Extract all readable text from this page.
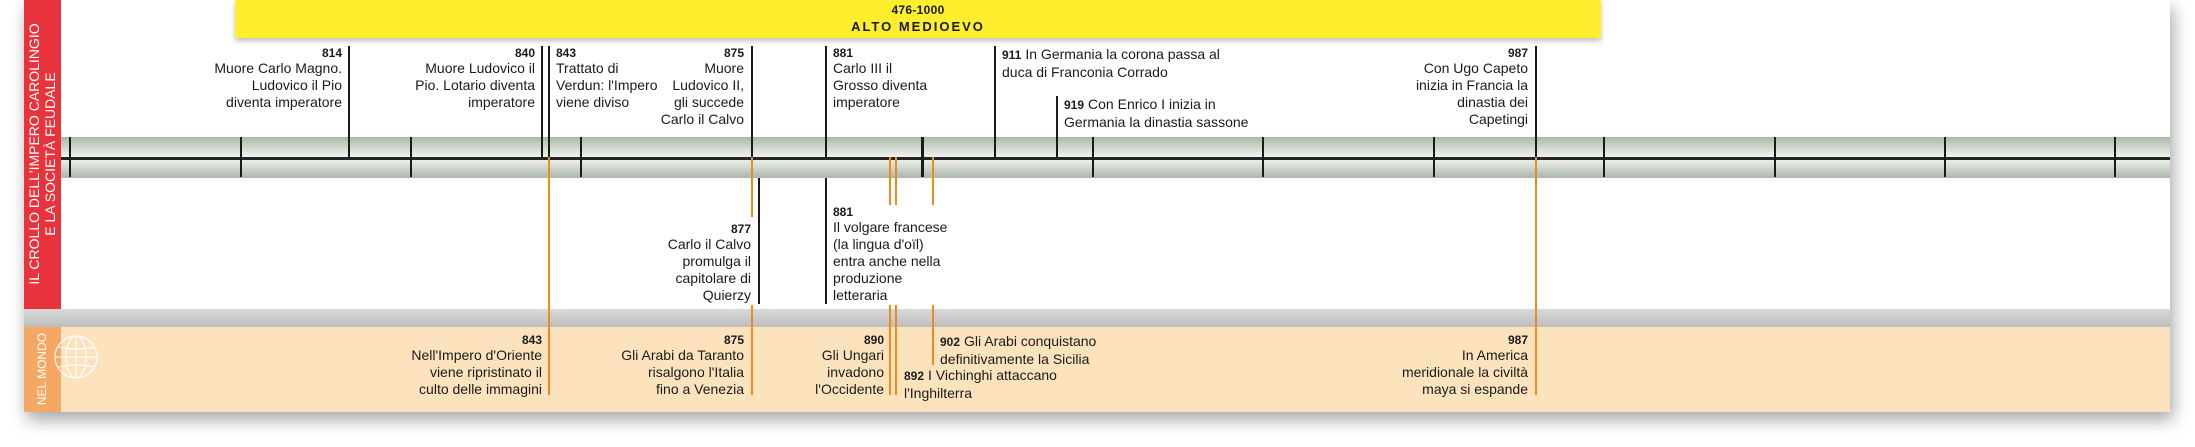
IL CROLLO DELL'IMPERO CAROLINGIO E LA SOCIETÀ FEUDALE
NEL MONDO
476-1000
ALTO MEDIOEVO
814
Muore Carlo Magno.
Ludovico il Pio
diventa imperatore
840
Muore Ludovico il
Pio. Lotario diventa
imperatore
843
Trattato di
Verdun: l'Impero
viene diviso
875
Muore
Ludovico II,
gli succede
Carlo il Calvo
881
Carlo III il
Grosso diventa
imperatore
911 In Germania la corona passa al
duca di Franconia Corrado
919 Con Enrico I inizia in
Germania la dinastia sassone
987
Con Ugo Capeto
inizia in Francia la
dinastia dei
Capetingi
877
Carlo il Calvo
promulga il
capitolare di
Quierzy
881
Il volgare francese
(la lingua d'oïl)
entra anche nella
produzione
letteraria
843
Nell'Impero d'Oriente
viene ripristinato il
culto delle immagini
875
Gli Arabi da Taranto
risalgono l'Italia
fino a Venezia
890
Gli Ungari
invadono
l'Occidente
892 I Vichinghi attaccano
l'Inghilterra
902 Gli Arabi conquistano
definitivamente la Sicilia
987
In America
meridionale la civiltà
maya si espande
